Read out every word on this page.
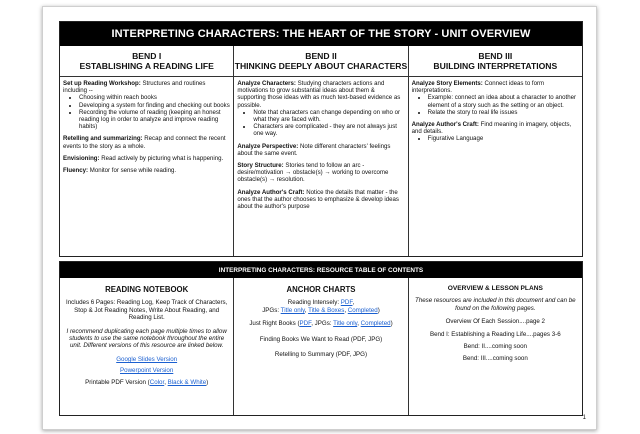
INTERPRETING CHARACTERS: THE HEART OF THE STORY - UNIT OVERVIEW
BEND I
ESTABLISHING A READING LIFE

Set up Reading Workshop: Structures and routines including --

• Choosing within reach books
• Developing a system for finding and checking out books
• Recording the volume of reading (keeping an honest reading log in order to analyze and improve reading habits)

Retelling and summarizing: Recap and connect the recent events to the story as a whole.

Envisioning: Read actively by picturing what is happening.

Fluency: Monitor for sense while reading.

BEND II
THINKING DEEPLY ABOUT CHARACTERS

Analyze Characters: Studying characters actions and motivations to grow substantial ideas about them & supporting those ideas with as much text-based evidence as possible.

• Note that characters can change depending on who or what they are faced with.
• Characters are complicated - they are not always just one way.

Analyze Perspective: Note different characters' feelings about the same event.

Story Structure: Stories tend to follow an arc - desire/motivation → obstacle(s) → working to overcome obstacle(s) → resolution.

Analyze Author's Craft: Notice the details that matter - the ones that the author chooses to emphasize & develop ideas about the author's purpose

BEND III
BUILDING INTERPRETATIONS

Analyze Story Elements: Connect ideas to form interpretations.

• Example: connect an idea about a character to another element of a story such as the setting or an object.
• Relate the story to real life issues

Analyze Author's Craft: Find meaning in imagery, objects, and details.

• Figurative Language
INTERPRETING CHARACTERS: RESOURCE TABLE OF CONTENTS
READING NOTEBOOK

Includes 6 Pages: Reading Log, Keep Track of Characters, Stop & Jot Reading Notes, Write About Reading, and Reading List.

I recommend duplicating each page multiple times to allow students to use the same notebook throughout the entire unit. Different versions of this resource are linked below.

Google Slides Version

Powerpoint Version

Printable PDF Version (Color, Black & White)

ANCHOR CHARTS

Reading Intensely: PDF,
JPGs: Title only, Title & Boxes, Completed)

Just Right Books (PDF, JPGs: Title only, Completed)

Finding Books We Want to Read (PDF, JPG)

Retelling to Summary (PDF, JPG)

OVERVIEW & LESSON PLANS

These resources are included in this document and can be found on the following pages.

Overview Of Each Session....page 2

Bend I: Establishing a Reading Life....pages 3-6

Bend: II....coming soon

Bend: III....coming soon

1
